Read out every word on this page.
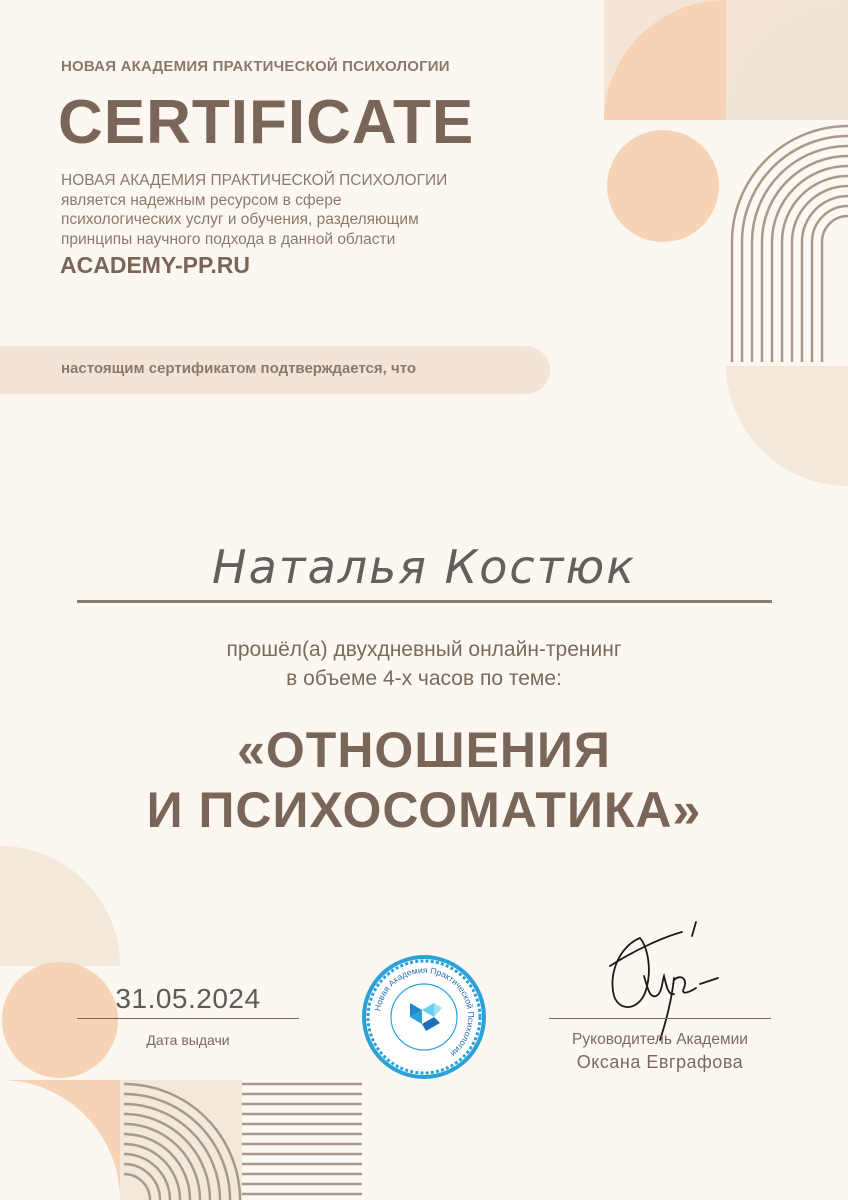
НОВАЯ АКАДЕМИЯ ПРАКТИЧЕСКОЙ ПСИХОЛОГИИ
CERTIFICATE
НОВАЯ АКАДЕМИЯ ПРАКТИЧЕСКОЙ ПСИХОЛОГИИ
является надежным ресурсом в сфере
психологических услуг и обучения, разделяющим
принципы научного подхода в данной области
ACADEMY-PP.RU
настоящим сертификатом подтверждается, что
Наталья Костюк
прошёл(а) двухдневный онлайн-тренинг
в объеме 4-х часов по теме:
«ОТНОШЕНИЯ
И ПСИХОСОМАТИКА»
31.05.2024
Дата выдачи
Новая Академия Практической Психологии
Руководитель Академии
Оксана Евграфова
